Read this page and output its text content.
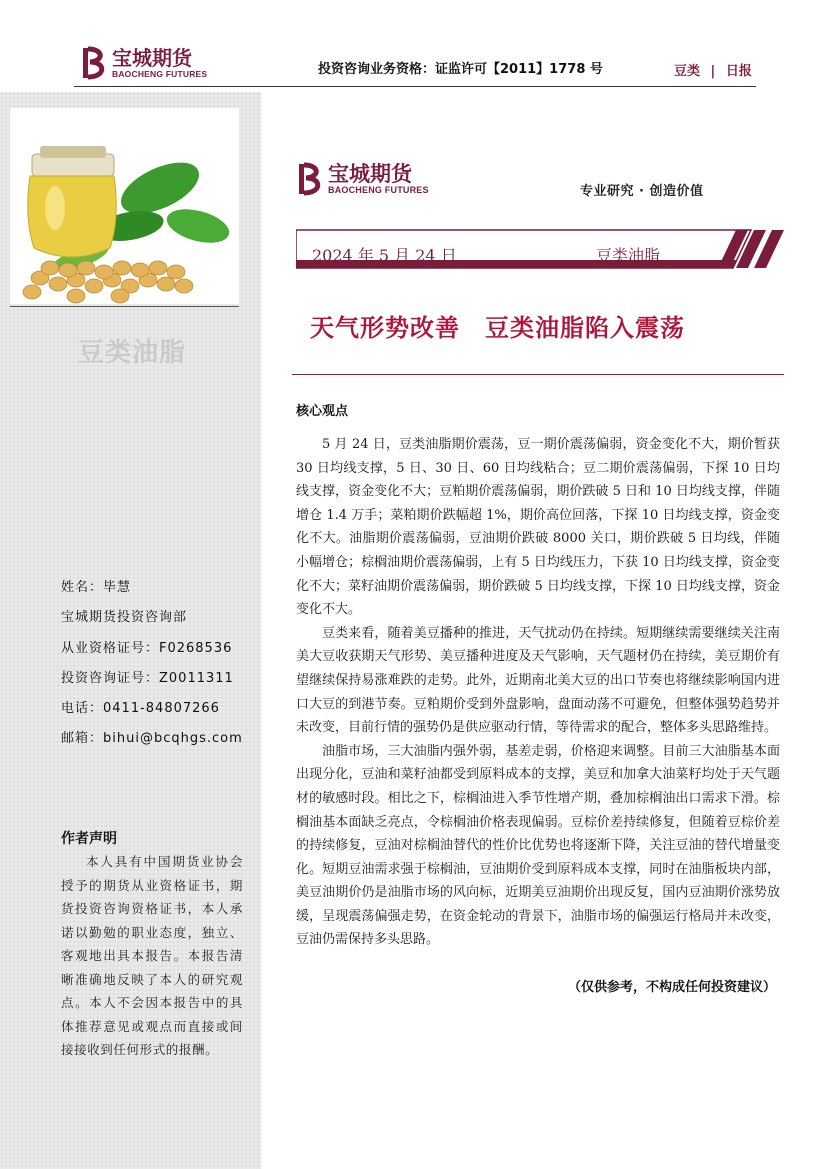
宝城期货
BAOCHENG FUTURES	投资咨询业务资格：证监许可【2011】1778 号	豆类 | 日报
豆类油脂
姓名：毕慧
宝城期货投资咨询部
从业资格证号：F0268536
投资咨询证号：Z0011311
电话：0411-84807266
邮箱：bihui@bcqhgs.com
作者声明
本人具有中国期货业协会授予的期货从业资格证书，期货投资咨询资格证书，本人承诺以勤勉的职业态度，独立、客观地出具本报告。本报告清晰准确地反映了本人的研究观点。本人不会因本报告中的具体推荐意见或观点而直接或间接接收到任何形式的报酬。
宝城期货
BAOCHENG FUTURES	专业研究 · 创造价值
2024 年 5 月 24 日	豆类油脂
天气形势改善　豆类油脂陷入震荡
核心观点

5 月 24 日，豆类油脂期价震荡，豆一期价震荡偏弱，资金变化不大，期价暂获 30 日均线支撑，5 日、30 日、60 日均线粘合；豆二期价震荡偏弱，下探 10 日均线支撑，资金变化不大；豆粕期价震荡偏弱，期价跌破 5 日和 10 日均线支撑，伴随增仓 1.4 万手；菜粕期价跌幅超 1%，期价高位回落，下探 10 日均线支撑，资金变化不大。油脂期价震荡偏弱，豆油期价跌破 8000 关口，期价跌破 5 日均线，伴随小幅增仓；棕榈油期价震荡偏弱，上有 5 日均线压力，下获 10 日均线支撑，资金变化不大；菜籽油期价震荡偏弱，期价跌破 5 日均线支撑，下探 10 日均线支撑，资金变化不大。

豆类来看，随着美豆播种的推进，天气扰动仍在持续。短期继续需要继续关注南美大豆收获期天气形势、美豆播种进度及天气影响，天气题材仍在持续，美豆期价有望继续保持易涨难跌的走势。此外，近期南北美大豆的出口节奏也将继续影响国内进口大豆的到港节奏。豆粕期价受到外盘影响，盘面动荡不可避免，但整体强势趋势并未改变，目前行情的强势仍是供应驱动行情，等待需求的配合，整体多头思路维持。

油脂市场，三大油脂内强外弱，基差走弱，价格迎来调整。目前三大油脂基本面出现分化，豆油和菜籽油都受到原料成本的支撑，美豆和加拿大油菜籽均处于天气题材的敏感时段。相比之下，棕榈油进入季节性增产期，叠加棕榈油出口需求下滑。棕榈油基本面缺乏亮点，令棕榈油价格表现偏弱。豆棕价差持续修复，但随着豆棕价差的持续修复，豆油对棕榈油替代的性价比优势也将逐渐下降，关注豆油的替代增量变化。短期豆油需求强于棕榈油，豆油期价受到原料成本支撑，同时在油脂板块内部，美豆油期价仍是油脂市场的风向标，近期美豆油期价出现反复，国内豆油期价涨势放缓，呈现震荡偏强走势，在资金轮动的背景下，油脂市场的偏强运行格局并未改变，豆油仍需保持多头思路。

（仅供参考，不构成任何投资建议）
